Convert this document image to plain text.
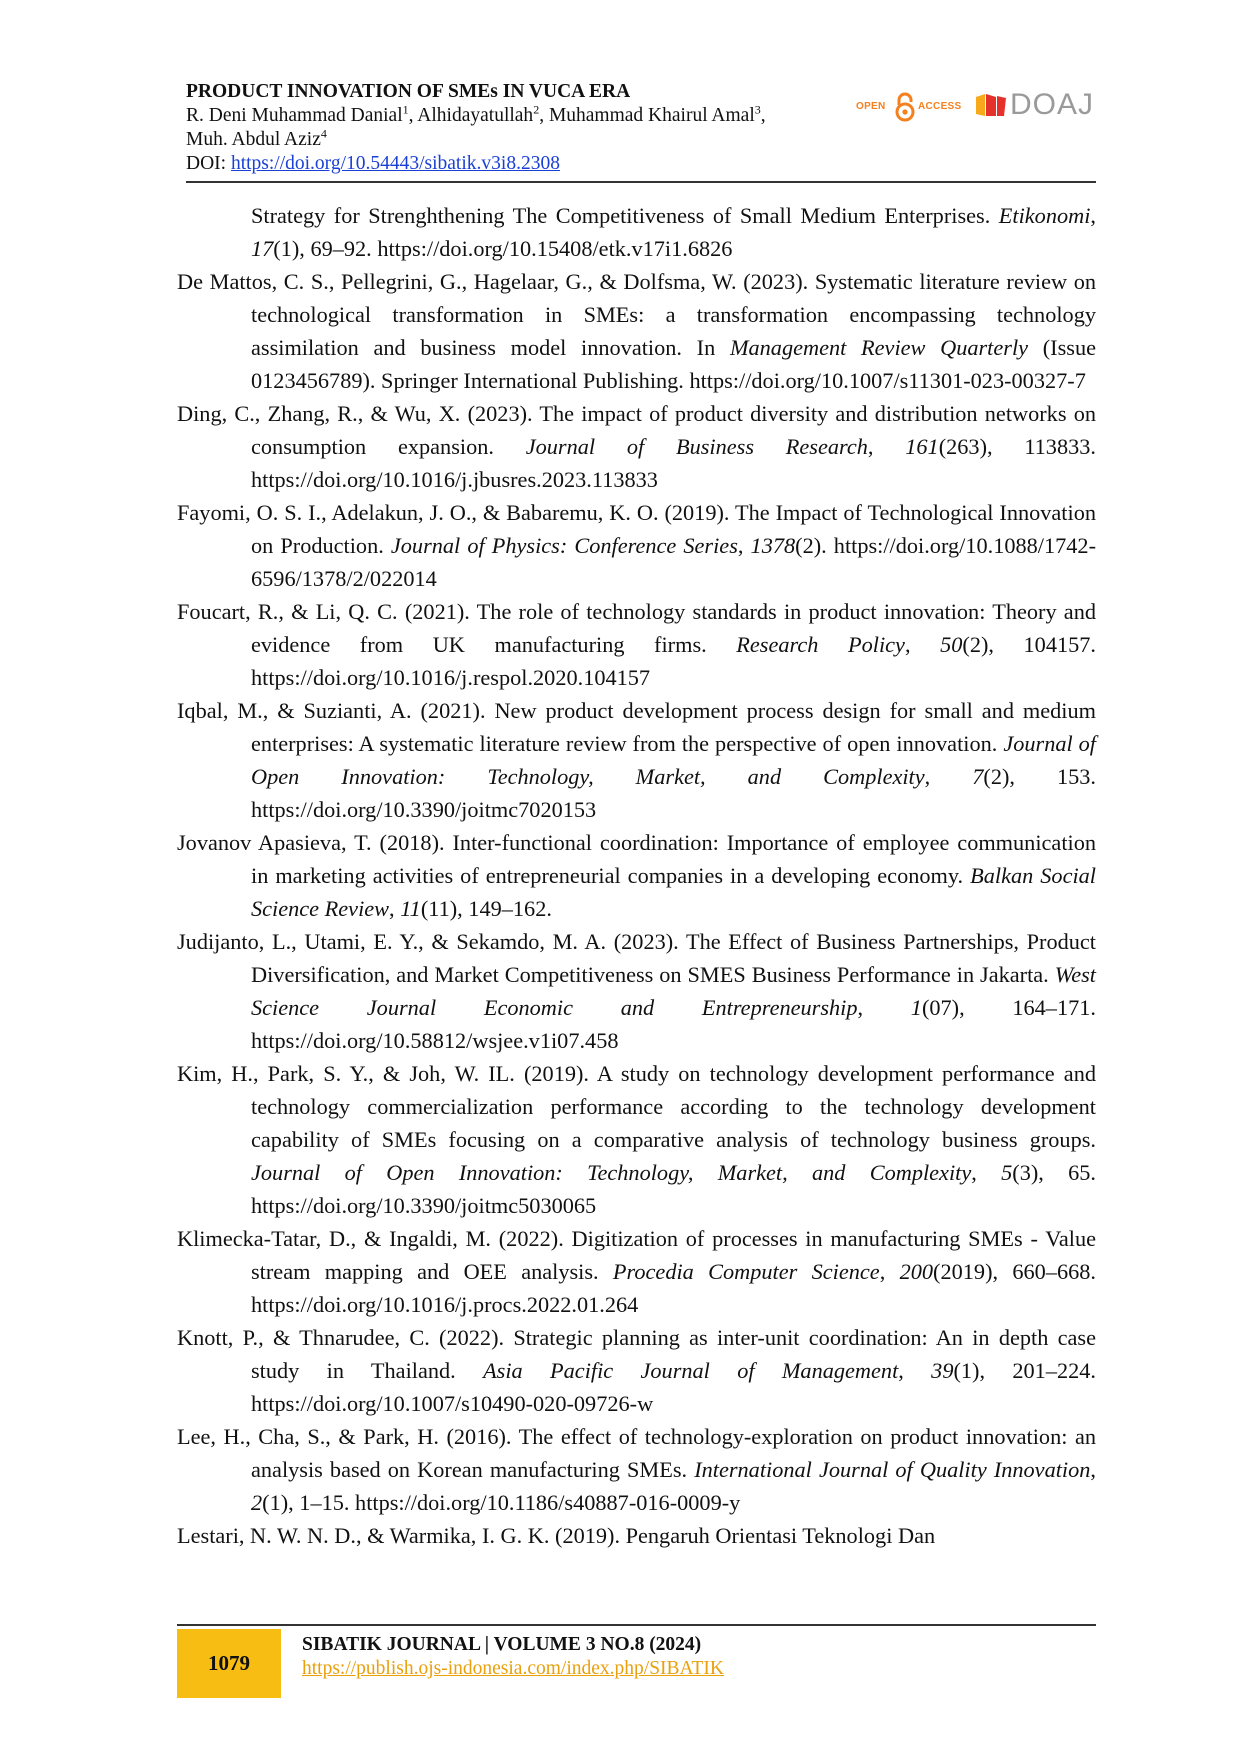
PRODUCT INNOVATION OF SMEs IN VUCA ERA
R. Deni Muhammad Danial$^1$, Alhidayatullah$^2$, Muhammad Khairul Amal$^3$,
Muh. Abdul Aziz$^4$
DOI: https://doi.org/10.54443/sibatik.v3i8.2308
OPEN	ACCESS DOAJ

Strategy for Strenghthening The Competitiveness of Small Medium Enterprises. Etikonomi, 17(1), 69–92. https://doi.org/10.15408/etk.v17i1.6826

De Mattos, C. S., Pellegrini, G., Hagelaar, G., & Dolfsma, W. (2023). Systematic literature review on technological transformation in SMEs: a transformation encompassing technology assimilation and business model innovation. In Management Review Quarterly (Issue 0123456789). Springer International Publishing. https://doi.org/10.1007/s11301-023-00327-7

Ding, C., Zhang, R., & Wu, X. (2023). The impact of product diversity and distribution networks on consumption expansion. Journal of Business Research, 161(263), 113833. https://doi.org/10.1016/j.jbusres.2023.113833

Fayomi, O. S. I., Adelakun, J. O., & Babaremu, K. O. (2019). The Impact of Technological Innovation on Production. Journal of Physics: Conference Series, 1378(2). https://doi.org/10.1088/1742-6596/1378/2/022014

Foucart, R., & Li, Q. C. (2021). The role of technology standards in product innovation: Theory and evidence from UK manufacturing firms. Research Policy, 50(2), 104157. https://doi.org/10.1016/j.respol.2020.104157

Iqbal, M., & Suzianti, A. (2021). New product development process design for small and medium enterprises: A systematic literature review from the perspective of open innovation. Journal of Open Innovation: Technology, Market, and Complexity, 7(2), 153. https://doi.org/10.3390/joitmc7020153

Jovanov Apasieva, T. (2018). Inter-functional coordination: Importance of employee communication in marketing activities of entrepreneurial companies in a developing economy. Balkan Social Science Review, 11(11), 149–162.

Judijanto, L., Utami, E. Y., & Sekamdo, M. A. (2023). The Effect of Business Partnerships, Product Diversification, and Market Competitiveness on SMES Business Performance in Jakarta. West Science Journal Economic and Entrepreneurship, 1(07), 164–171. https://doi.org/10.58812/wsjee.v1i07.458

Kim, H., Park, S. Y., & Joh, W. IL. (2019). A study on technology development performance and technology commercialization performance according to the technology development capability of SMEs focusing on a comparative analysis of technology business groups. Journal of Open Innovation: Technology, Market, and Complexity, 5(3), 65. https://doi.org/10.3390/joitmc5030065

Klimecka-Tatar, D., & Ingaldi, M. (2022). Digitization of processes in manufacturing SMEs - Value stream mapping and OEE analysis. Procedia Computer Science, 200(2019), 660–668. https://doi.org/10.1016/j.procs.2022.01.264

Knott, P., & Thnarudee, C. (2022). Strategic planning as inter-unit coordination: An in depth case study in Thailand. Asia Pacific Journal of Management, 39(1), 201–224. https://doi.org/10.1007/s10490-020-09726-w

Lee, H., Cha, S., & Park, H. (2016). The effect of technology-exploration on product innovation: an analysis based on Korean manufacturing SMEs. International Journal of Quality Innovation, 2(1), 1–15. https://doi.org/10.1186/s40887-016-0009-y

Lestari, N. W. N. D., & Warmika, I. G. K. (2019). Pengaruh Orientasi Teknologi Dan

1079
SIBATIK JOURNAL | VOLUME 3 NO.8 (2024)
https://publish.ojs-indonesia.com/index.php/SIBATIK
